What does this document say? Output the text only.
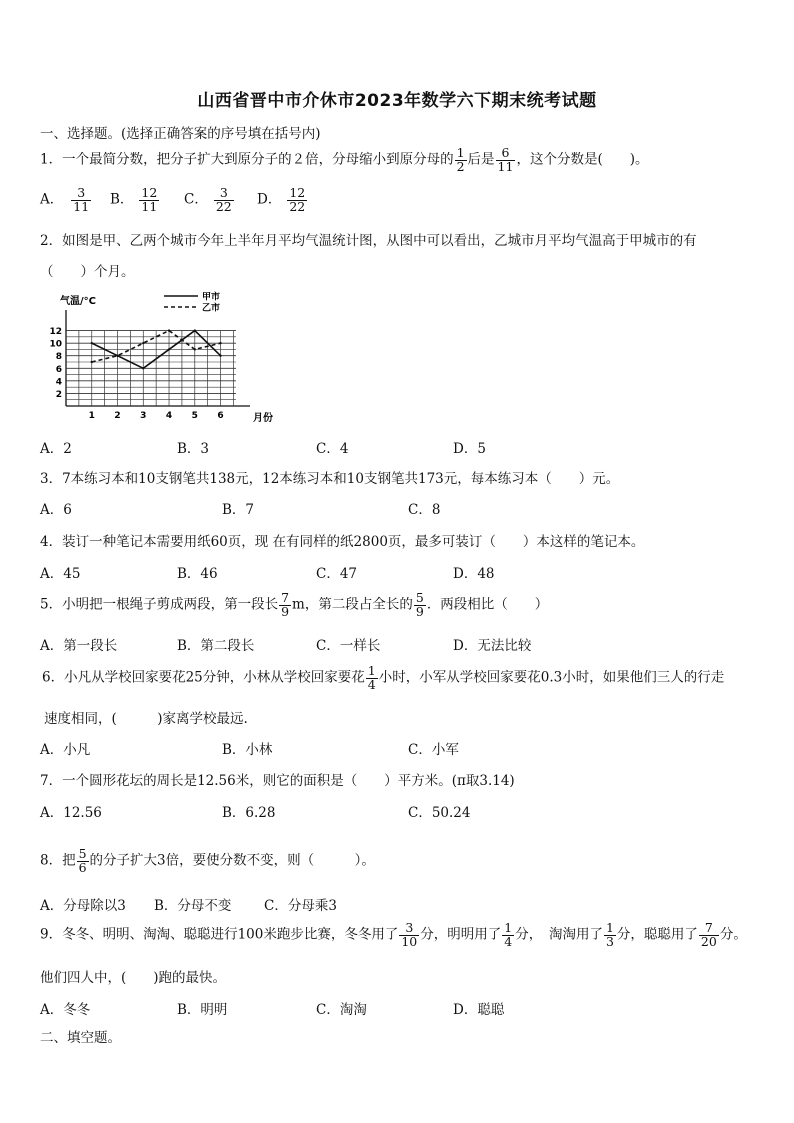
山西省晋中市介休市2023年数学六下期末统考试题
一、选择题。(选择正确答案的序号填在括号内)
1．一个最简分数，把分子扩大到原分子的２倍，分母缩小到原分母的 $\frac{1}{2}$ 后是 $\frac{6}{11}$ ，这个分数是(　　)。
A． $\frac{3}{11}$ B． $\frac{12}{11}$ C． $\frac{3}{22}$ D． $\frac{12}{22}$
2．如图是甲、乙两个城市今年上半年月平均气温统计图，从图中可以看出，乙城市月平均气温高于甲城市的有
（　　）个月。
气温/°C
月份
2
4
6
8
10
12
1 2 3 4 5 6
甲市
乙市
A．2	B．3	C．4	D．5
3．7本练习本和10支钢笔共138元，12本练习本和10支钢笔共173元，每本练习本（　　）元。
A．6	B．7	C．8
4．装订一种笔记本需要用纸60页，现 在有同样的纸2800页，最多可装订（　　）本这样的笔记本。
A．45	B．46	C．47	D．48
5．小明把一根绳子剪成两段，第一段长 $\frac{7}{9}$ m，第二段占全长的 $\frac{5}{9}$ ．两段相比（　　）
A．第一段长	B．第二段长	C．一样长	D．无法比较
6．小凡从学校回家要花25分钟，小林从学校回家要花 $\frac{1}{4}$ 小时，小军从学校回家要花0.3小时，如果他们三人的行走
速度相同，(　　　)家离学校最远.
A．小凡	B．小林	C．小军
7．一个圆形花坛的周长是12.56米，则它的面积是（　　）平方米。(π取3.14)
A．12.56	B．6.28	C．50.24
8．把 $\frac{5}{6}$ 的分子扩大3倍，要使分数不变，则（　　　）。
A．分母除以3 B．分母不变 C．分母乘3
9．冬冬、明明、淘淘、聪聪进行100米跑步比赛，冬冬用了 $\frac{3}{10}$ 分，明明用了 $\frac{1}{4}$ 分，　淘淘用了 $\frac{1}{3}$ 分，聪聪用了 $\frac{7}{20}$ 分。
他们四人中，(　　)跑的最快。
A．冬冬	B．明明	C．淘淘	D．聪聪
二、填空题。
